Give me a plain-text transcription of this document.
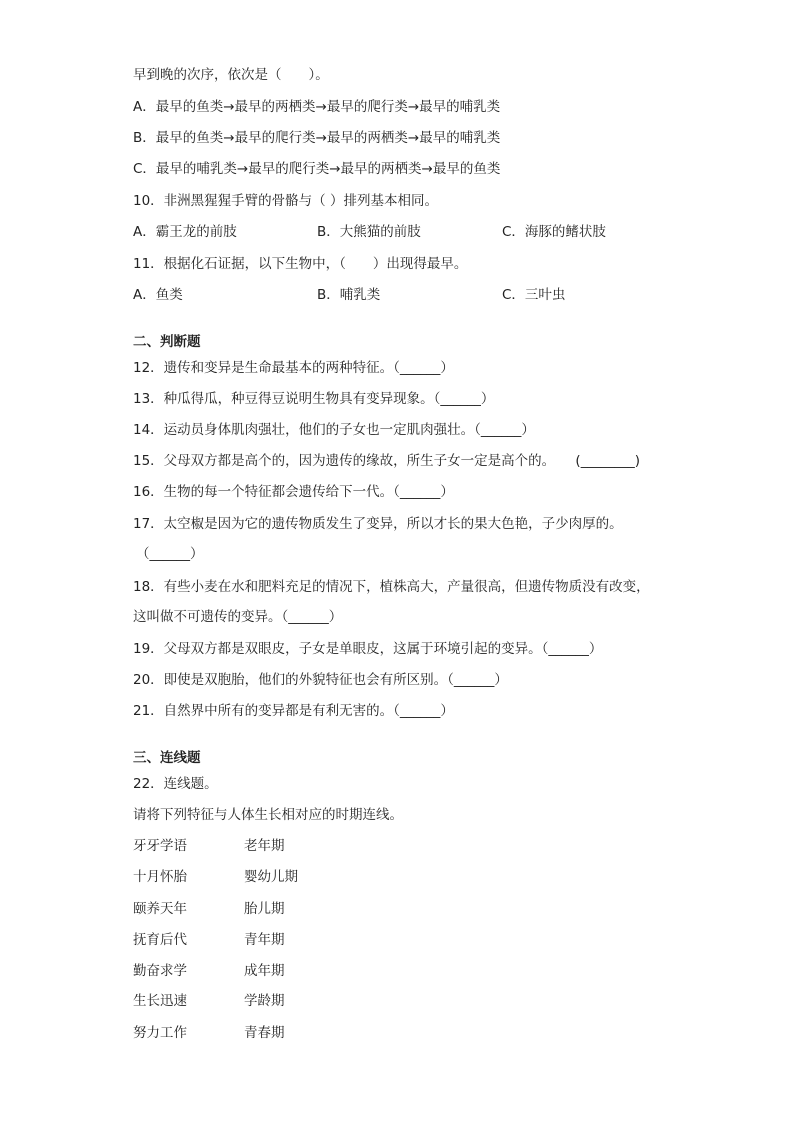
早到晚的次序，依次是（　　）。
A．最早的鱼类→最早的两栖类→最早的爬行类→最早的哺乳类
B．最早的鱼类→最早的爬行类→最早的两栖类→最早的哺乳类
C．最早的哺乳类→最早的爬行类→最早的两栖类→最早的鱼类
10．非洲黑猩猩手臂的骨骼与（ ）排列基本相同。
A．霸王龙的前肢	B．大熊猫的前肢	C．海豚的鳍状肢
11．根据化石证据，以下生物中，（　　）出现得最早。
A．鱼类	B．哺乳类	C．三叶虫
二、判断题
12．遗传和变异是生命最基本的两种特征。（______）
13．种瓜得瓜，种豆得豆说明生物具有变异现象。（______）
14．运动员身体肌肉强壮，他们的子女也一定肌肉强壮。（______）
15．父母双方都是高个的，因为遗传的缘故，所生子女一定是高个的。　　(________)
16．生物的每一个特征都会遗传给下一代。（______）
17．太空椒是因为它的遗传物质发生了变异，所以才长的果大色艳，子少肉厚的。
（______）
18．有些小麦在水和肥料充足的情况下，植株高大，产量很高，但遗传物质没有改变，
这叫做不可遗传的变异。（______）
19．父母双方都是双眼皮，子女是单眼皮，这属于环境引起的变异。（______）
20．即使是双胞胎，他们的外貌特征也会有所区别。（______）
21．自然界中所有的变异都是有利无害的。（______）
三、连线题
22．连线题。
请将下列特征与人体生长相对应的时期连线。
牙牙学语	老年期
十月怀胎	婴幼儿期
颐养天年	胎儿期
抚育后代	青年期
勤奋求学	成年期
生长迅速	学龄期
努力工作	青春期
